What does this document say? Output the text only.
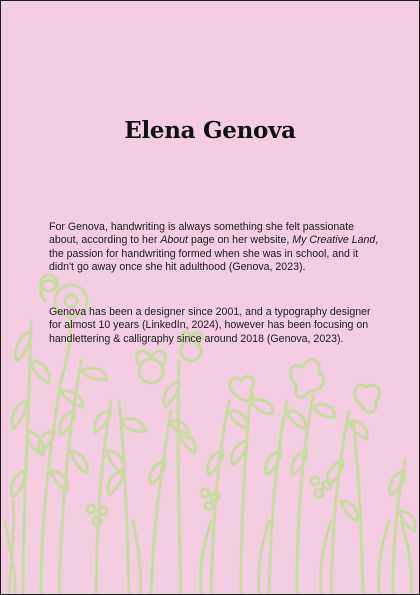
Elena Genova

For Genova, handwriting is always something she felt passionate about, according to her About page on her website, My Creative Land, the passion for handwriting formed when she was in school, and it didn't go away once she hit adulthood (Genova, 2023).

Genova has been a designer since 2001, and a typography designer for almost 10 years (LinkedIn, 2024), however has been focusing on handlettering & calligraphy since around 2018 (Genova, 2023).
